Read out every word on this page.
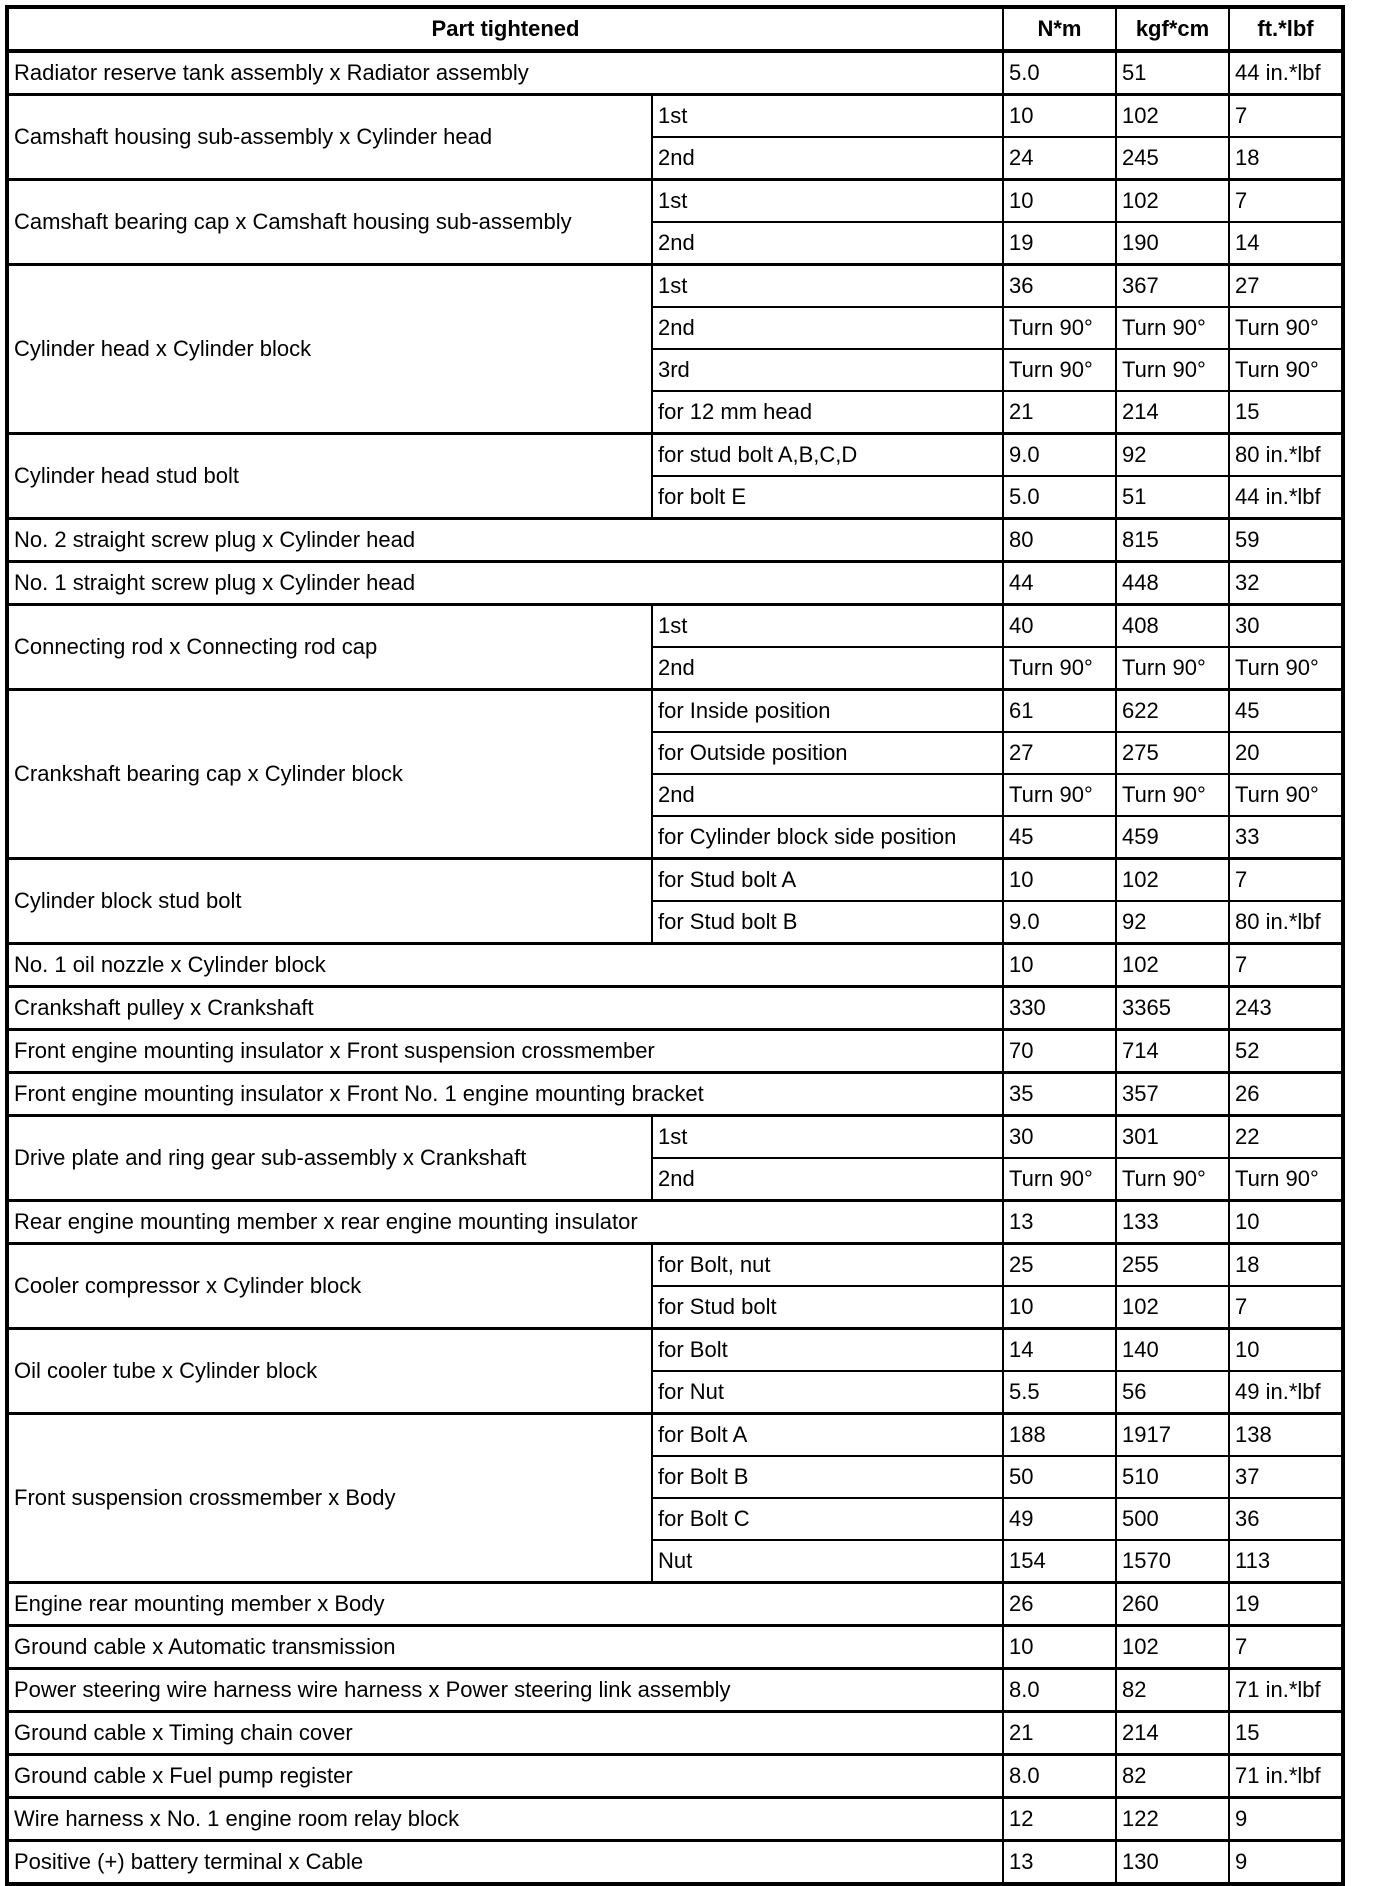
Part tightened		N*m	kgf*cm	ft.*lbf
Radiator reserve tank assembly x Radiator assembly		5.0	51	44 in.*lbf
Camshaft housing sub-assembly x Cylinder head	1st	10	102	7
	2nd	24	245	18
Camshaft bearing cap x Camshaft housing sub-assembly	1st	10	102	7
	2nd	19	190	14
Cylinder head x Cylinder block	1st	36	367	27
	2nd	Turn 90°	Turn 90°	Turn 90°
	3rd	Turn 90°	Turn 90°	Turn 90°
	for 12 mm head	21	214	15
Cylinder head stud bolt	for stud bolt A,B,C,D	9.0	92	80 in.*lbf
	for bolt E	5.0	51	44 in.*lbf
No. 2 straight screw plug x Cylinder head		80	815	59
No. 1 straight screw plug x Cylinder head		44	448	32
Connecting rod x Connecting rod cap	1st	40	408	30
	2nd	Turn 90°	Turn 90°	Turn 90°
Crankshaft bearing cap x Cylinder block	for Inside position	61	622	45
	for Outside position	27	275	20
	2nd	Turn 90°	Turn 90°	Turn 90°
	for Cylinder block side position	45	459	33
Cylinder block stud bolt	for Stud bolt A	10	102	7
	for Stud bolt B	9.0	92	80 in.*lbf
No. 1 oil nozzle x Cylinder block		10	102	7
Crankshaft pulley x Crankshaft		330	3365	243
Front engine mounting insulator x Front suspension crossmember		70	714	52
Front engine mounting insulator x Front No. 1 engine mounting bracket		35	357	26
Drive plate and ring gear sub-assembly x Crankshaft	1st	30	301	22
	2nd	Turn 90°	Turn 90°	Turn 90°
Rear engine mounting member x rear engine mounting insulator		13	133	10
Cooler compressor x Cylinder block	for Bolt, nut	25	255	18
	for Stud bolt	10	102	7
Oil cooler tube x Cylinder block	for Bolt	14	140	10
	for Nut	5.5	56	49 in.*lbf
Front suspension crossmember x Body	for Bolt A	188	1917	138
	for Bolt B	50	510	37
	for Bolt C	49	500	36
	Nut	154	1570	113
Engine rear mounting member x Body		26	260	19
Ground cable x Automatic transmission		10	102	7
Power steering wire harness wire harness x Power steering link assembly		8.0	82	71 in.*lbf
Ground cable x Timing chain cover		21	214	15
Ground cable x Fuel pump register		8.0	82	71 in.*lbf
Wire harness x No. 1 engine room relay block		12	122	9
Positive (+) battery terminal x Cable		13	130	9
